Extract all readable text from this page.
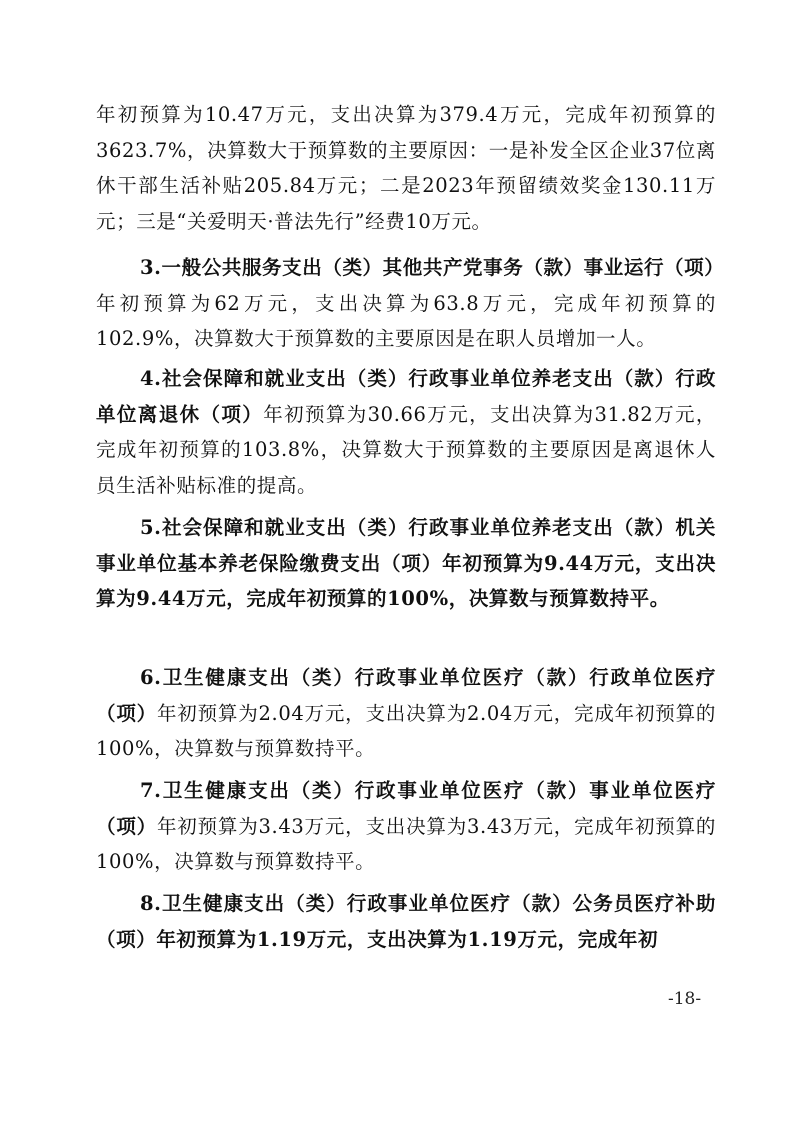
年初预算为10.47万元，支出决算为379.4万元，完成年初预算的3623.7%，决算数大于预算数的主要原因：一是补发全区企业37位离休干部生活补贴205.84万元；二是2023年预留绩效奖金130.11万元；三是“关爱明天·普法先行”经费10万元。

3.一般公共服务支出（类）其他共产党事务（款）事业运行（项）年初预算为62万元，支出决算为63.8万元，完成年初预算的102.9%，决算数大于预算数的主要原因是在职人员增加一人。

4.社会保障和就业支出（类）行政事业单位养老支出（款）行政单位离退休（项）年初预算为30.66万元，支出决算为31.82万元，完成年初预算的103.8%，决算数大于预算数的主要原因是离退休人员生活补贴标准的提高。

5.社会保障和就业支出（类）行政事业单位养老支出（款）机关事业单位基本养老保险缴费支出（项）年初预算为9.44万元，支出决算为9.44万元，完成年初预算的100%，决算数与预算数持平。

6.卫生健康支出（类）行政事业单位医疗（款）行政单位医疗（项）年初预算为2.04万元，支出决算为2.04万元，完成年初预算的100%，决算数与预算数持平。

7.卫生健康支出（类）行政事业单位医疗（款）事业单位医疗（项）年初预算为3.43万元，支出决算为3.43万元，完成年初预算的100%，决算数与预算数持平。

8.卫生健康支出（类）行政事业单位医疗（款）公务员医疗补助（项）年初预算为1.19万元，支出决算为1.19万元，完成年初

-18-
